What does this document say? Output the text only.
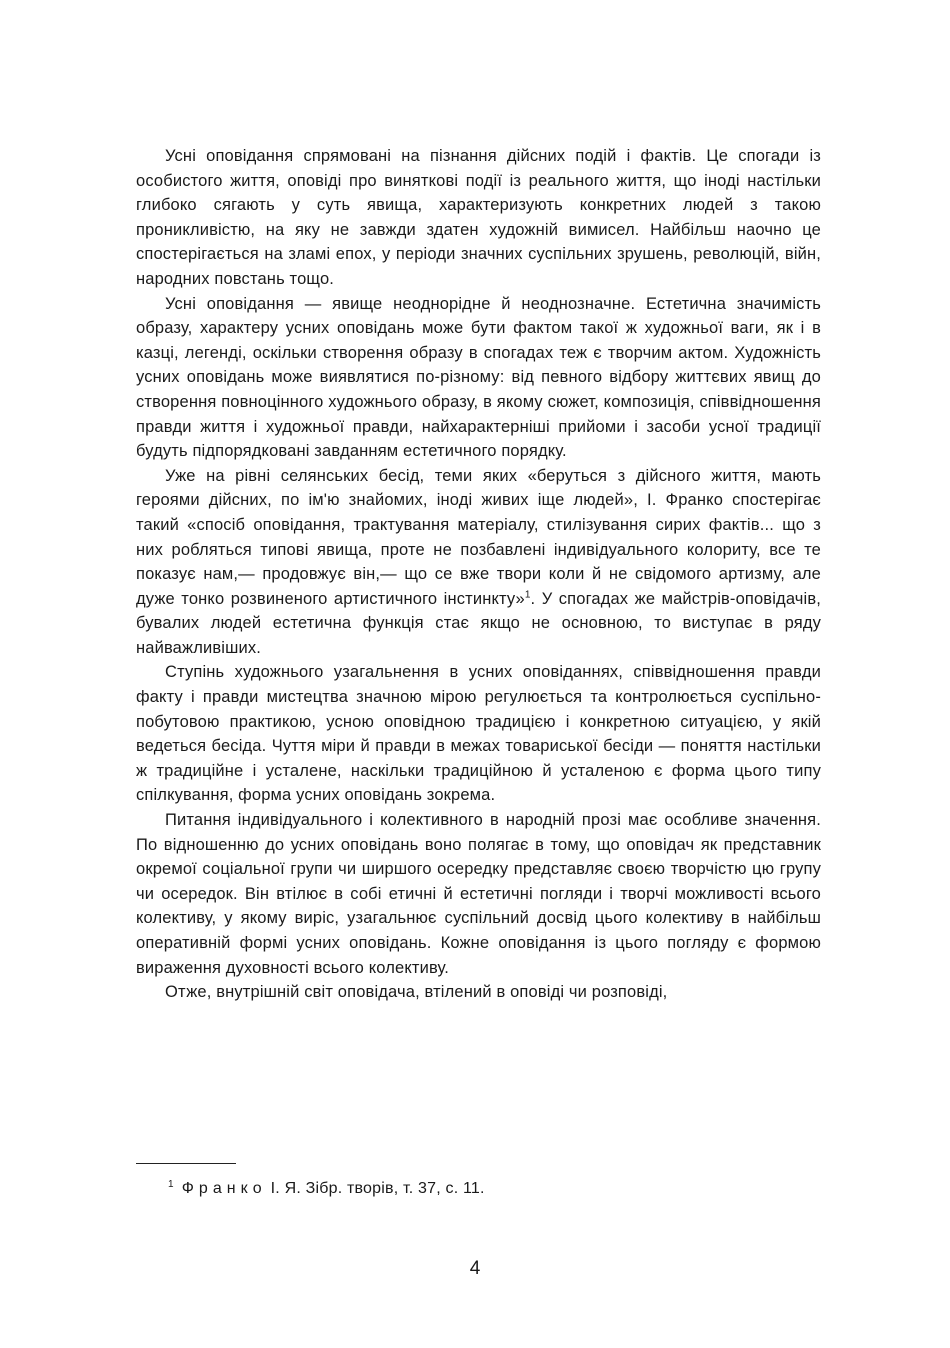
Усні оповідання спрямовані на пізнання дійсних подій і фактів. Це спогади із особистого життя, оповіді про виняткові події із реального життя, що іноді настільки глибоко сягають у суть явища, характеризують конкретних людей з такою проникливістю, на яку не завжди здатен художній вимисел. Найбільш наочно це спостерігається на зламі епох, у періоди значних суспільних зрушень, революцій, війн, народних повстань тощо.

Усні оповідання — явище неоднорідне й неоднозначне. Естетична значимість образу, характеру усних оповідань може бути фактом такої ж художньої ваги, як і в казці, легенді, оскільки створення образу в спогадах теж є творчим актом. Художність усних оповідань може виявлятися по-різному: від певного відбору життєвих явищ до створення повноцінного художнього образу, в якому сюжет, композиція, співвідношення правди життя і художньої правди, найхарактерніші прийоми і засоби усної традиції будуть підпорядковані завданням естетичного порядку.

Уже на рівні селянських бесід, теми яких «беруться з дійсного життя, мають героями дійсних, по ім'ю знайомих, іноді живих іще людей», І. Франко спостерігає такий «спосіб оповідання, трактування матеріалу, стилізування сирих фактів... що з них робляться типові явища, проте не позбавлені індивідуального колориту, все те показує нам,— продовжує він,— що се вже твори коли й не свідомого артизму, але дуже тонко розвиненого артистичного інстинкту»$^1$. У спогадах же майстрів-оповідачів, бувалих людей естетична функція стає якщо не основною, то виступає в ряду найважливіших.

Ступінь художнього узагальнення в усних оповіданнях, співвідношення правди факту і правди мистецтва значною мірою регулюється та контролюється суспільно-побутовою практикою, усною оповідною традицією і конкретною ситуацією, у якій ведеться бесіда. Чуття міри й правди в межах товариської бесіди — поняття настільки ж традиційне і усталене, наскільки традиційною й усталеною є форма цього типу спілкування, форма усних оповідань зокрема.

Питання індивідуального і колективного в народній прозі має особливе значення. По відношенню до усних оповідань воно полягає в тому, що оповідач як представник окремої соціальної групи чи ширшого осередку представляє своєю творчістю цю групу чи осередок. Він втілює в собі етичні й естетичні погляди і творчі можливості всього колективу, у якому виріс, узагальнює суспільний досвід цього колективу в найбільш оперативній формі усних оповідань. Кожне оповідання із цього погляду є формою вираження духовності всього колективу.

Отже, внутрішній світ оповідача, втілений в оповіді чи розповіді,

$^1$ Франко І. Я. Зібр. творів, т. 37, с. 11.
4
